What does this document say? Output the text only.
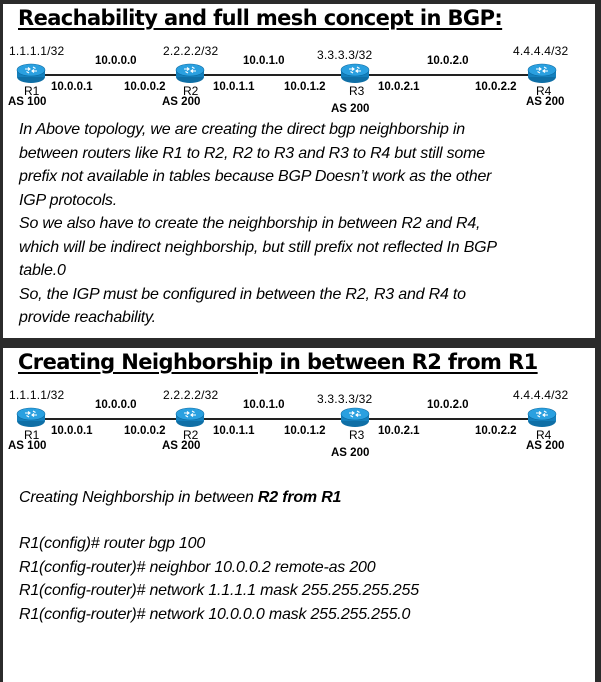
Reachability and full mesh concept in BGP:
1.1.1.1/32	2.2.2.2/32	3.3.3.3/32	4.4.4.4/32
10.0.0.0	10.0.1.0	10.0.2.0
10.0.0.1	10.0.0.2	10.0.1.1	10.0.1.2	10.0.2.1	10.0.2.2
R1	R2	R3	R4
AS 100	AS 200
AS 200
AS 200

In Above topology, we are creating the direct bgp neighborship in

between routers like R1 to R2, R2 to R3 and R3 to R4 but still some

prefix not available in tables because BGP Doesn’t work as the other

IGP protocols.

So we also have to create the neighborship in between R2 and R4,

which will be indirect neighborship, but still prefix not reflected In BGP

table.0

So, the IGP must be configured in between the R2, R3 and R4 to

provide reachability.

Creating Neighborship in between R2 from R1
1.1.1.1/32	2.2.2.2/32	3.3.3.3/32	4.4.4.4/32
10.0.0.0	10.0.1.0	10.0.2.0
10.0.0.1	10.0.0.2	10.0.1.1	10.0.1.2	10.0.2.1	10.0.2.2
R1	R2	R3	R4
AS 100	AS 200
AS 200
AS 200

Creating Neighborship in between R2 from R1

R1(config)# router bgp 100

R1(config-router)# neighbor 10.0.0.2 remote-as 200

R1(config-router)# network 1.1.1.1 mask 255.255.255.255

R1(config-router)# network 10.0.0.0 mask 255.255.255.0
